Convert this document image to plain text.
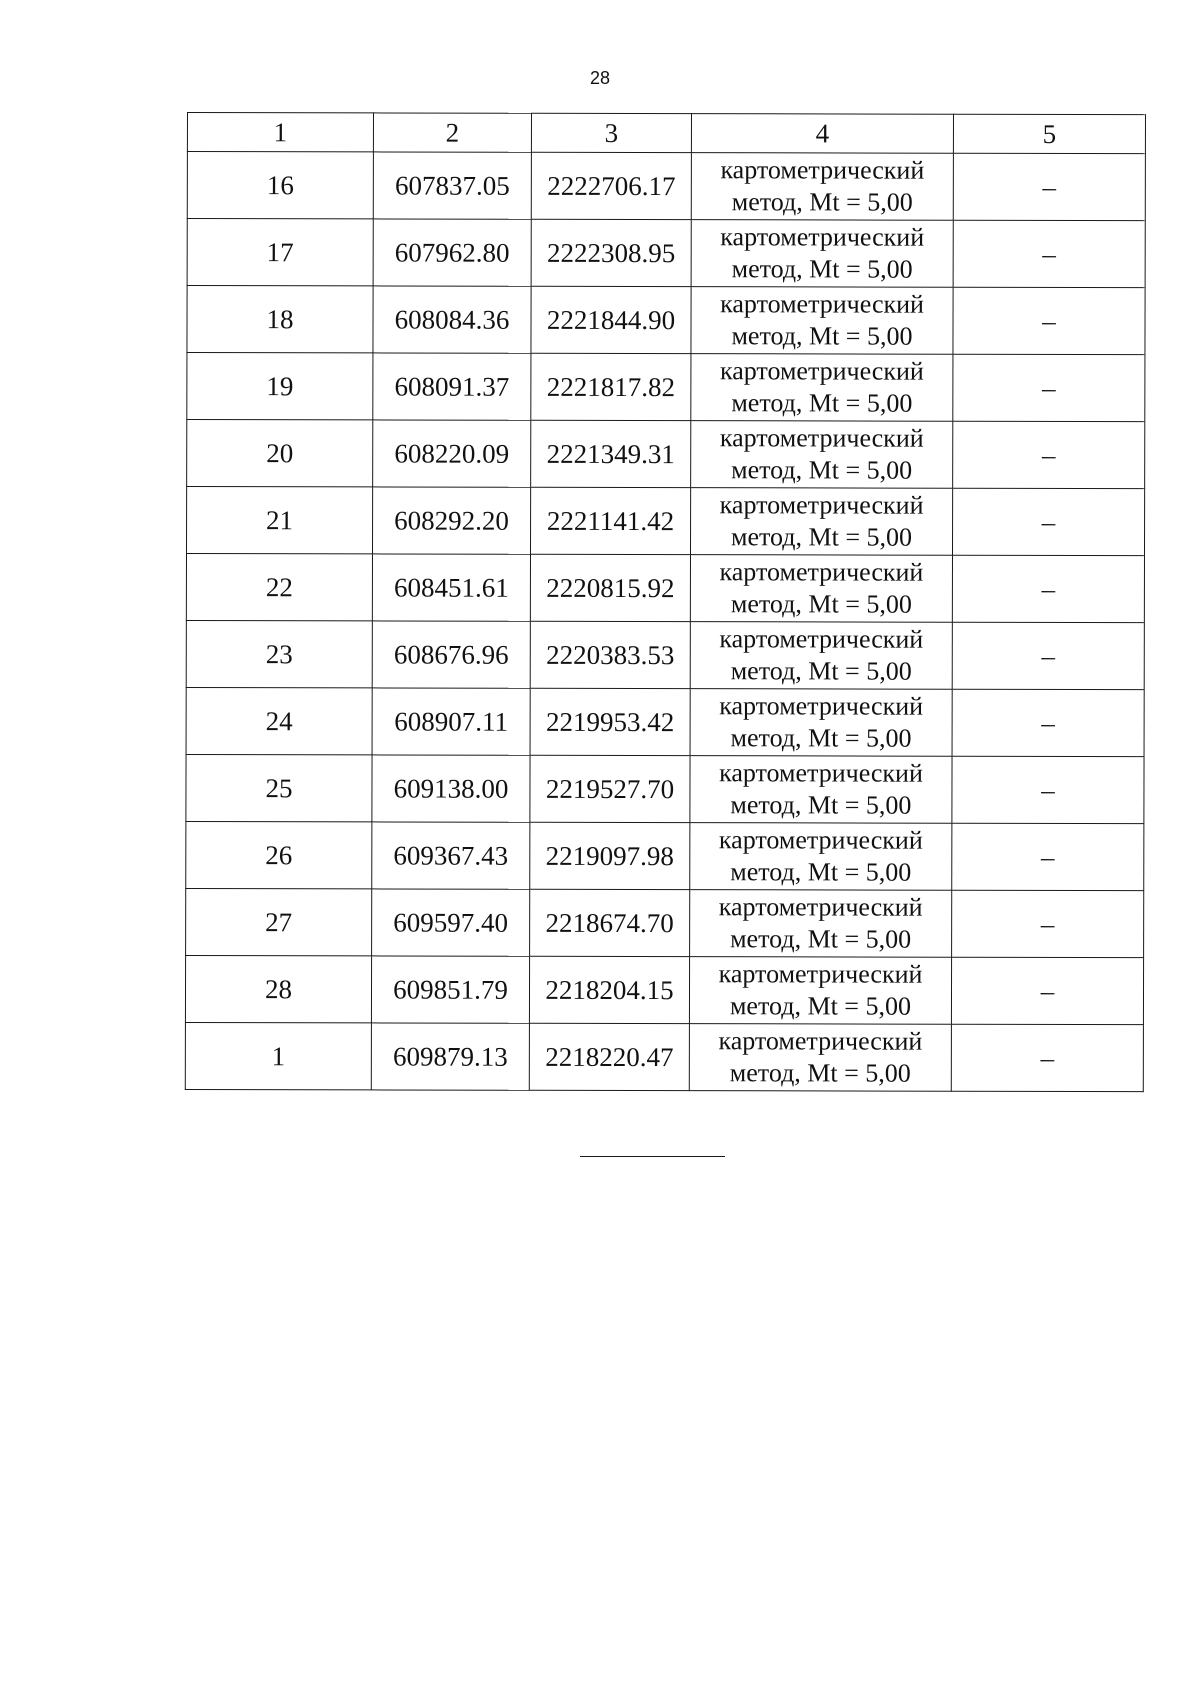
28
1	2	3	4	5
16	607837.05	2222706.17	картометрический
метод, Mt = 5,00	–
17	607962.80	2222308.95	картометрический
метод, Mt = 5,00	–
18	608084.36	2221844.90	картометрический
метод, Mt = 5,00	–
19	608091.37	2221817.82	картометрический
метод, Mt = 5,00	–
20	608220.09	2221349.31	картометрический
метод, Mt = 5,00	–
21	608292.20	2221141.42	картометрический
метод, Mt = 5,00	–
22	608451.61	2220815.92	картометрический
метод, Mt = 5,00	–
23	608676.96	2220383.53	картометрический
метод, Mt = 5,00	–
24	608907.11	2219953.42	картометрический
метод, Mt = 5,00	–
25	609138.00	2219527.70	картометрический
метод, Mt = 5,00	–
26	609367.43	2219097.98	картометрический
метод, Mt = 5,00	–
27	609597.40	2218674.70	картометрический
метод, Mt = 5,00	–
28	609851.79	2218204.15	картометрический
метод, Mt = 5,00	–
1	609879.13	2218220.47	картометрический
метод, Mt = 5,00	–
